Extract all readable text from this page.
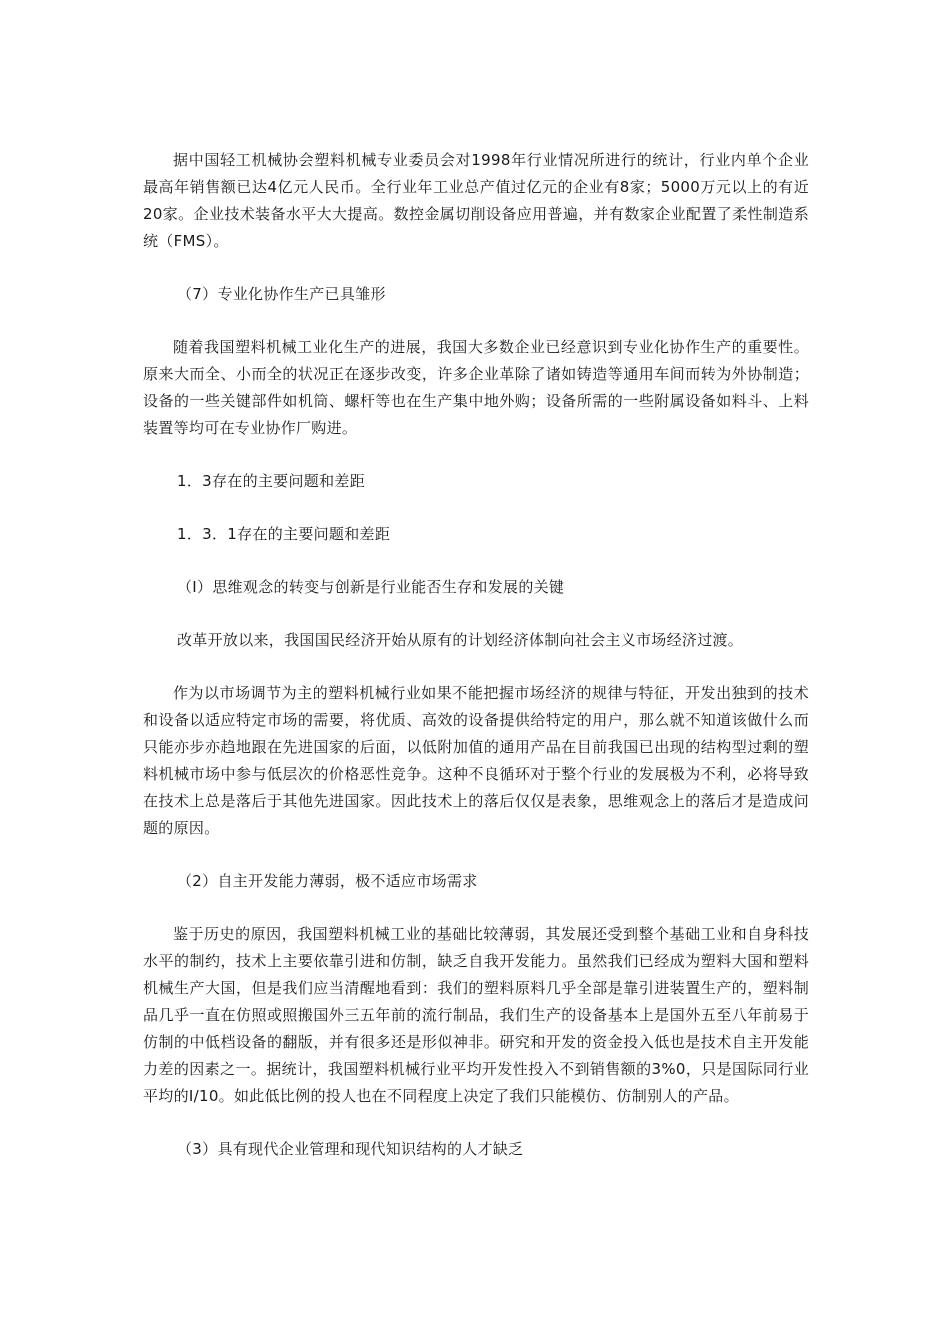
据中国轻工机械协会塑料机械专业委员会对1998年行业情况所进行的统计，行业内单个企业最高年销售额已达4亿元人民币。全行业年工业总产值过亿元的企业有8家；5000万元以上的有近20家。企业技术装备水平大大提高。数控金属切削设备应用普遍，并有数家企业配置了柔性制造系统（FMS）。

（7）专业化协作生产已具雏形

随着我国塑料机械工业化生产的进展，我国大多数企业已经意识到专业化协作生产的重要性。原来大而全、小而全的状况正在逐步改变，许多企业革除了诸如铸造等通用车间而转为外协制造；设备的一些关键部件如机筒、螺杆等也在生产集中地外购；设备所需的一些附属设备如料斗、上料装置等均可在专业协作厂购进。

1．3存在的主要问题和差距

1．3．1存在的主要问题和差距

（I）思维观念的转变与创新是行业能否生存和发展的关键

改革开放以来，我国国民经济开始从原有的计划经济体制向社会主义市场经济过渡。

作为以市场调节为主的塑料机械行业如果不能把握市场经济的规律与特征，开发出独到的技术和设备以适应特定市场的需要，将优质、高效的设备提供给特定的用户，那么就不知道该做什么而只能亦步亦趋地跟在先进国家的后面，以低附加值的通用产品在目前我国已出现的结构型过剩的塑料机械市场中参与低层次的价格恶性竞争。这种不良循环对于整个行业的发展极为不利，必将导致在技术上总是落后于其他先进国家。因此技术上的落后仅仅是表象，思维观念上的落后才是造成问题的原因。

（2）自主开发能力薄弱，极不适应市场需求

鉴于历史的原因，我国塑料机械工业的基础比较薄弱，其发展还受到整个基础工业和自身科技水平的制约，技术上主要依靠引进和仿制，缺乏自我开发能力。虽然我们已经成为塑料大国和塑料机械生产大国，但是我们应当清醒地看到：我们的塑料原料几乎全部是靠引进装置生产的，塑料制品几乎一直在仿照或照搬国外三五年前的流行制品，我们生产的设备基本上是国外五至八年前易于仿制的中低档设备的翻版，并有很多还是形似神非。研究和开发的资金投入低也是技术自主开发能力差的因素之一。据统计，我国塑料机械行业平均开发性投入不到销售额的3%0，只是国际同行业平均的I/10。如此低比例的投人也在不同程度上决定了我们只能模仿、仿制别人的产品。

（3）具有现代企业管理和现代知识结构的人才缺乏
